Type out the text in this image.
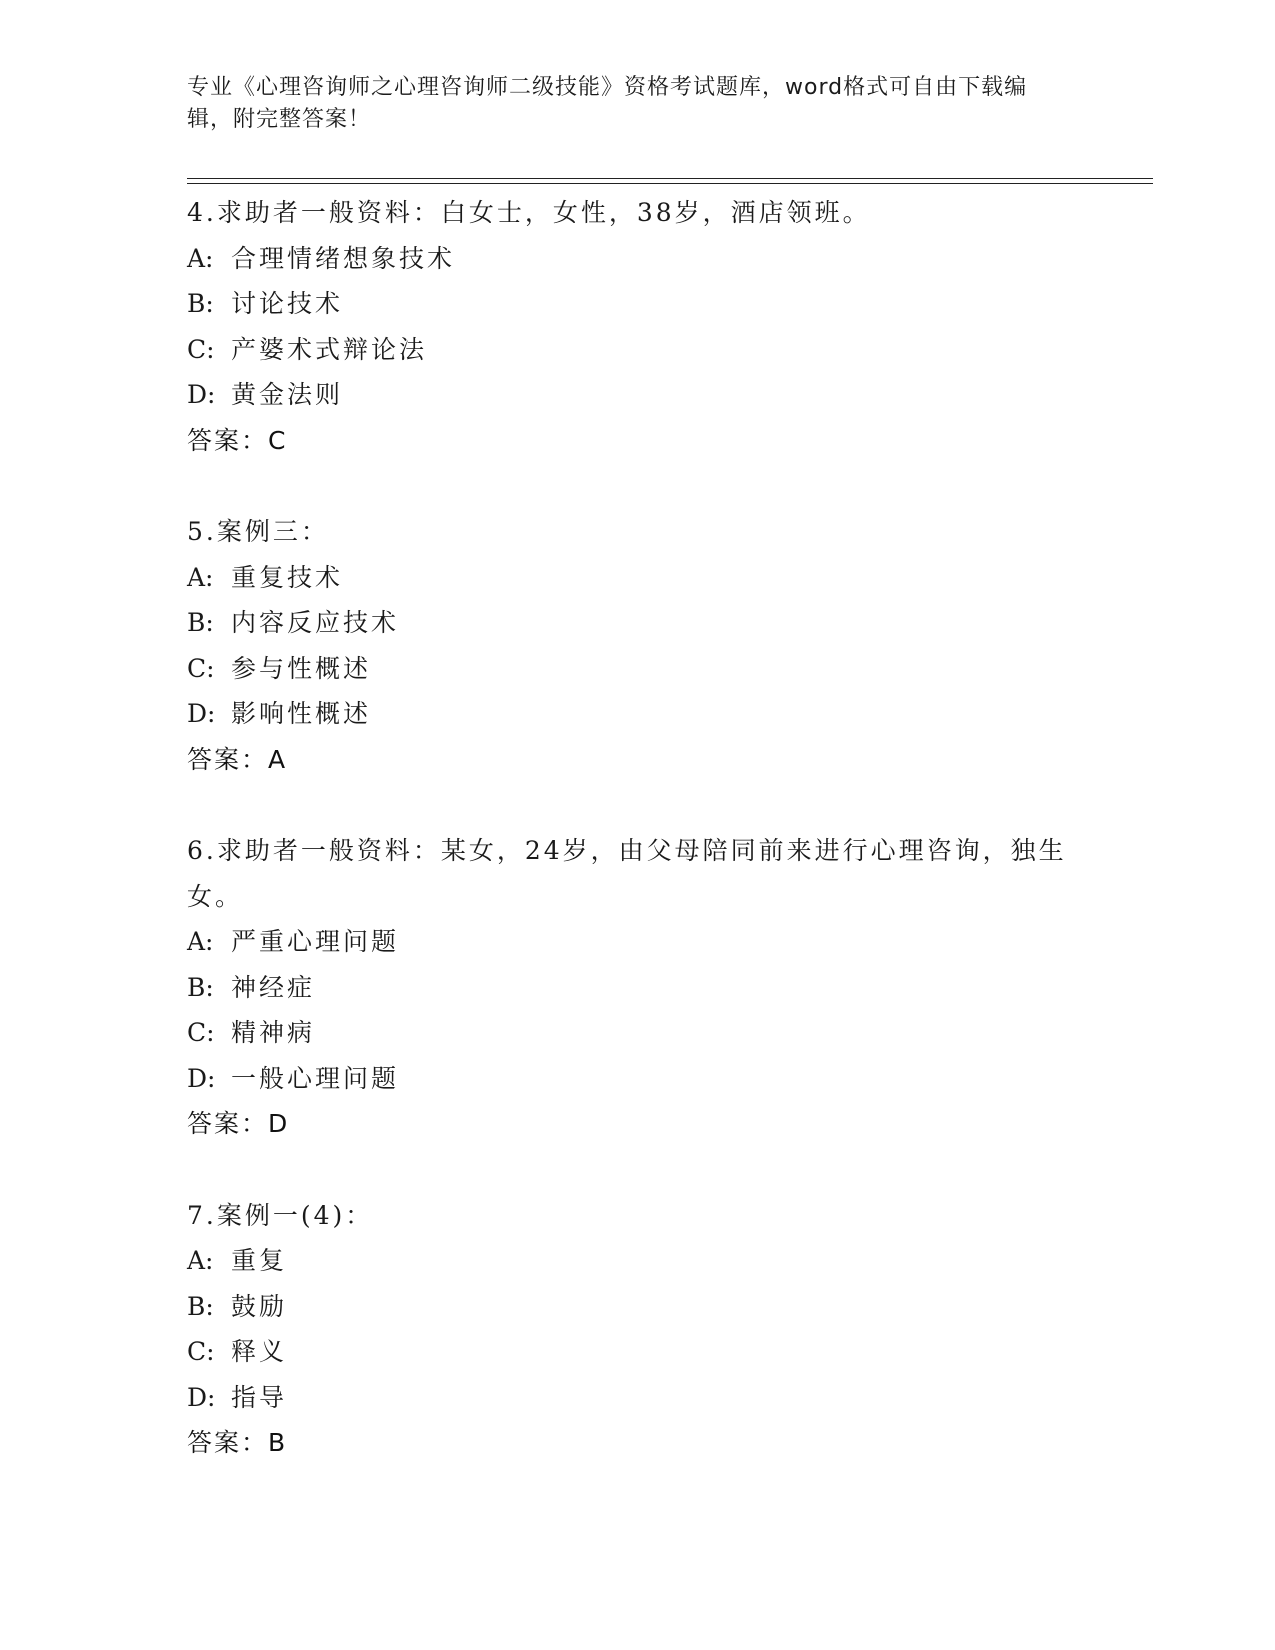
专业《心理咨询师之心理咨询师二级技能》资格考试题库，word格式可自由下载编辑，附完整答案！
4.求助者一般资料：白女士，女性，38岁，酒店领班。
A: 合理情绪想象技术
B: 讨论技术
C: 产婆术式辩论法
D: 黄金法则
答案：C
5.案例三：
A: 重复技术
B: 内容反应技术
C: 参与性概述
D: 影响性概述
答案：A
6.求助者一般资料：某女，24岁，由父母陪同前来进行心理咨询，独生女。
A: 严重心理问题
B: 神经症
C: 精神病
D: 一般心理问题
答案：D
7.案例一(4)：
A: 重复
B: 鼓励
C: 释义
D: 指导
答案：B
